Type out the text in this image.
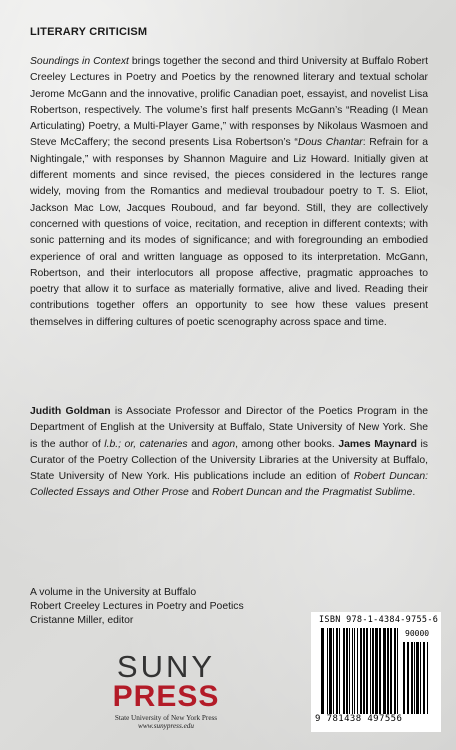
LITERARY CRITICISM

Soundings in Context brings together the second and third University at Buffalo Robert Creeley Lectures in Poetry and Poetics by the renowned literary and textual scholar Jerome McGann and the innovative, prolific Canadian poet, essayist, and novelist Lisa Robertson, respectively. The volume’s first half presents McGann’s “Reading (I Mean Articulating) Poetry, a Multi-Player Game,” with responses by Nikolaus Wasmoen and Steve McCaffery; the second presents Lisa Robertson’s “Dous Chantar: Refrain for a Nightingale,” with responses by Shannon Maguire and Liz Howard. Initially given at different moments and since revised, the pieces considered in the lectures range widely, moving from the Romantics and medieval troubadour poetry to T. S. Eliot, Jackson Mac Low, Jacques Rouboud, and far beyond. Still, they are collectively concerned with questions of voice, recitation, and reception in different contexts; with sonic patterning and its modes of significance; and with foregrounding an embodied experience of oral and written language as opposed to its interpretation. McGann, Robertson, and their interlocutors all propose affective, pragmatic approaches to poetry that allow it to surface as materially formative, alive and lived. Reading their contributions together offers an opportunity to see how these values present themselves in differing cultures of poetic scenography across space and time.

Judith Goldman is Associate Professor and Director of the Poetics Program in the Department of English at the University at Buffalo, State University of New York. She is the author of l.b.; or, catenaries and agon, among other books. James Maynard is Curator of the Poetry Collection of the University Libraries at the University at Buffalo, State University of New York. His publications include an edition of Robert Duncan: Collected Essays and Other Prose and Robert Duncan and the Pragmatist Sublime.

A volume in the University at Buffalo
Robert Creeley Lectures in Poetry and Poetics
Cristanne Miller, editor
SUNY
PRESS
State University of New York Press
www.sunypress.edu
ISBN 978-1-4384-9755-6
90000
9 781438 497556
